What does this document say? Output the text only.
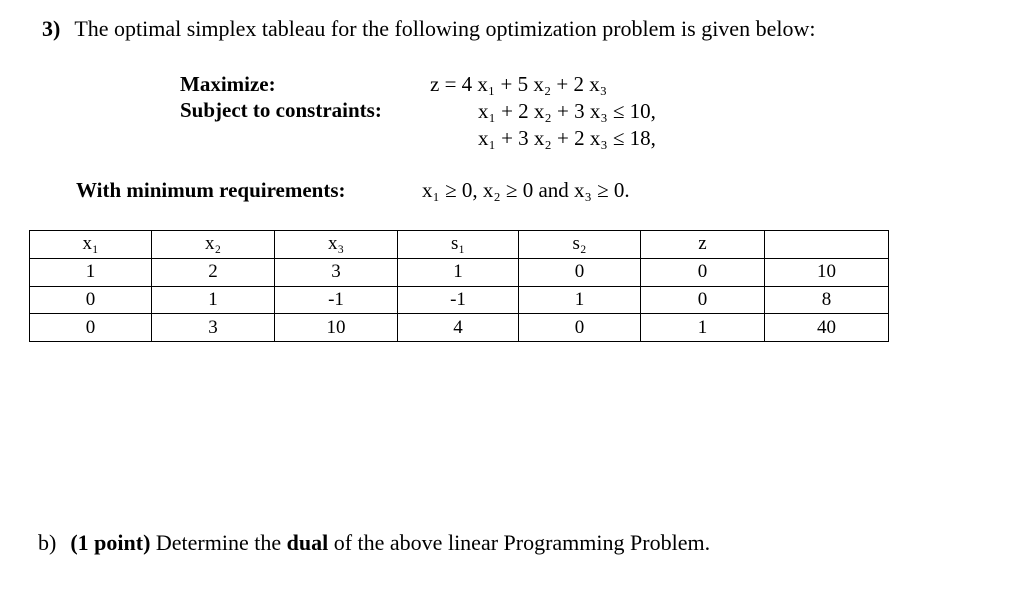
3) The optimal simplex tableau for the following optimization problem is given below:
Maximize:
Subject to constraints:
z = 4 x₁ + 5 x₂ + 2 x₃
x₁ + 2 x₂ + 3 x₃ ≤ 10,
x₁ + 3 x₂ + 2 x₃ ≤ 18,
With minimum requirements:	x₁ ≥ 0, x₂ ≥ 0 and x₃ ≥ 0.
x₁	x₂	x₃	s₁	s₂	z	
1	2	3	1	0	0	10
0	1	-1	-1	1	0	8
0	3	10	4	0	1	40
b) (1 point) Determine the dual of the above linear Programming Problem.
